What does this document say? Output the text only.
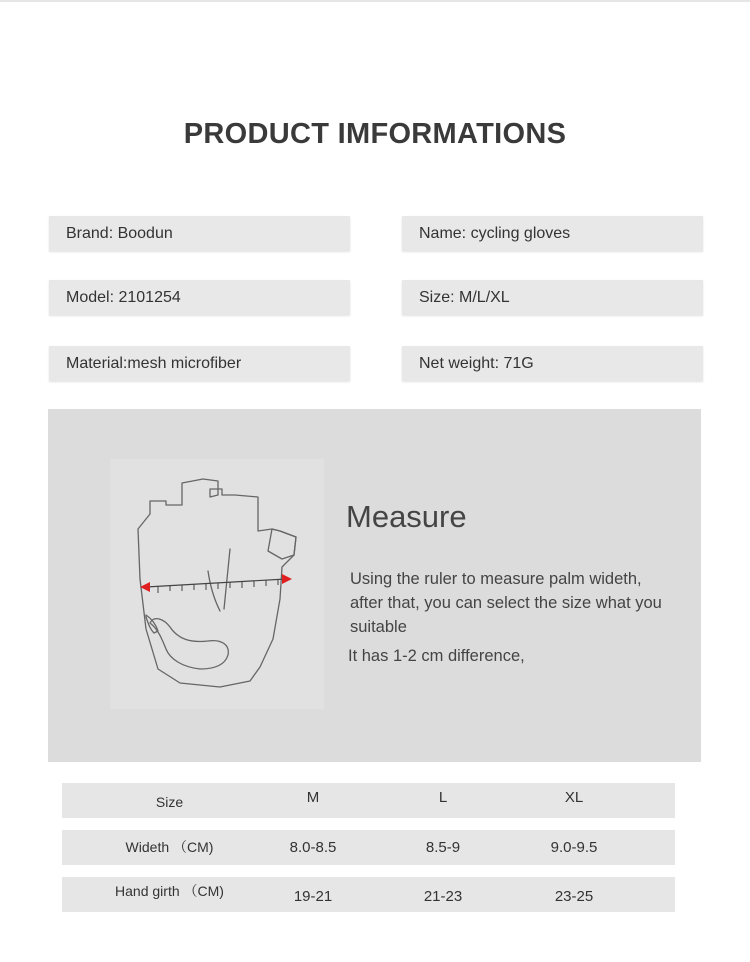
PRODUCT IMFORMATIONS
Brand: Boodun	Name: cycling gloves
Model: 2101254	Size: M/L/XL
Material:mesh microfiber	Net weight: 71G
Measure
Using the ruler to measure palm wideth, after that, you can select the size what you suitable
It has 1-2 cm difference,
Size	M	L	XL
Wideth （CM)	8.0-8.5	8.5-9	9.0-9.5
Hand girth （CM)	19-21	21-23	23-25
